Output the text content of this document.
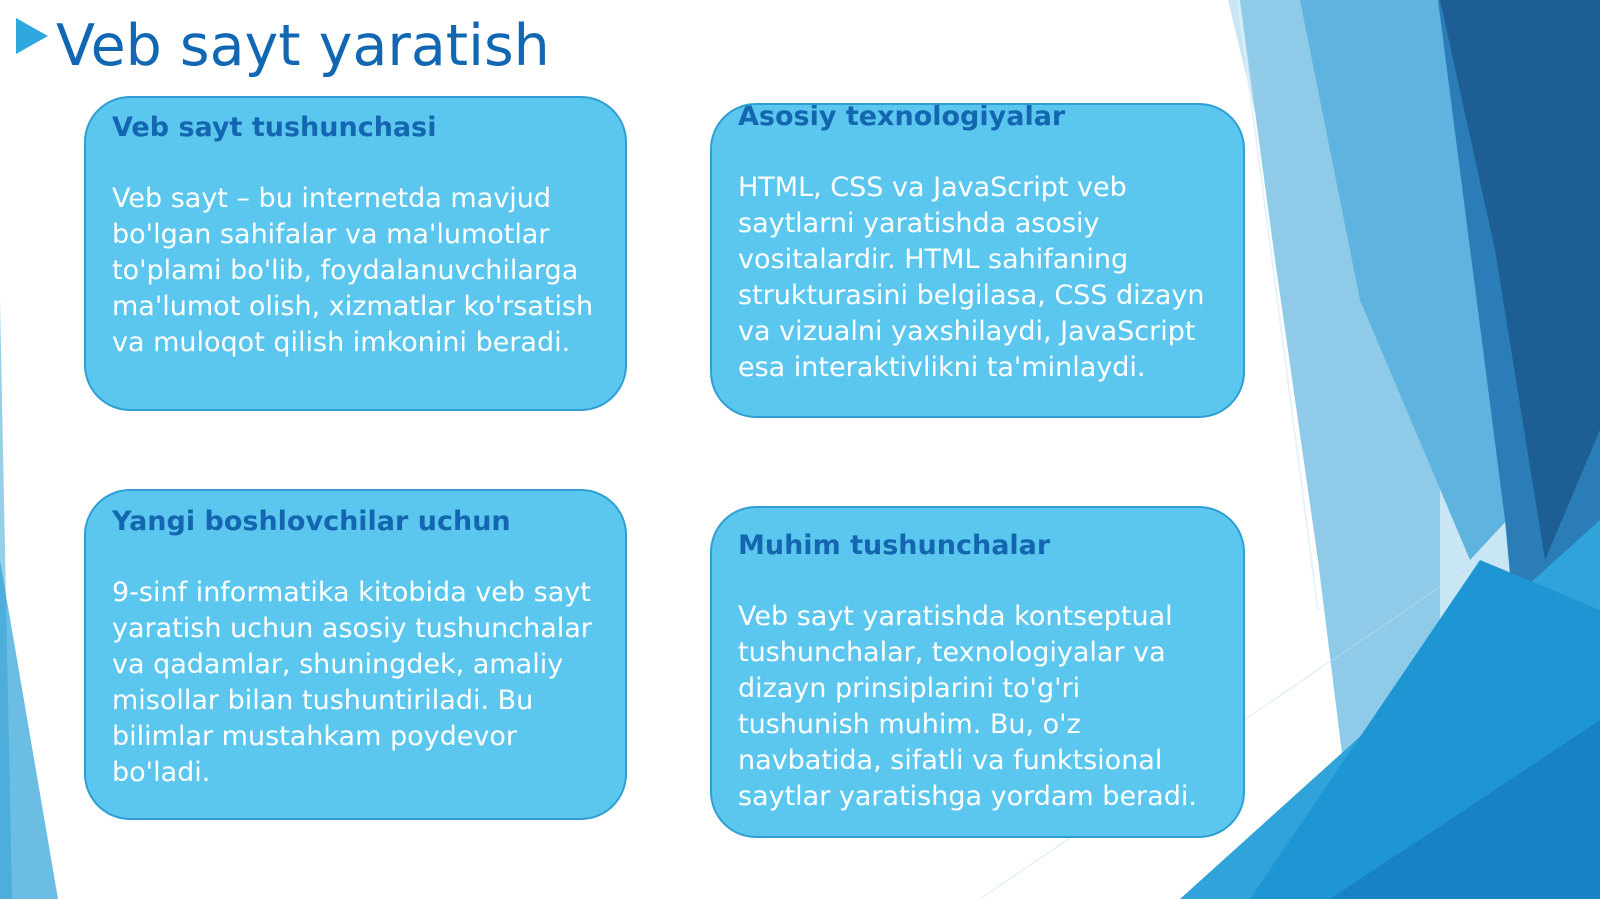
Veb sayt yaratish
Veb sayt tushunchasi

Veb sayt – bu internetda mavjud bo'lgan sahifalar va ma'lumotlar to'plami bo'lib, foydalanuvchilarga ma'lumot olish, xizmatlar ko'rsatish va muloqot qilish imkonini beradi.

Asosiy texnologiyalar

HTML, CSS va JavaScript veb saytlarni yaratishda asosiy vositalardir. HTML sahifaning strukturasini belgilasa, CSS dizayn va vizualni yaxshilaydi, JavaScript esa interaktivlikni ta'minlaydi.

Yangi boshlovchilar uchun

9-sinf informatika kitobida veb sayt yaratish uchun asosiy tushunchalar va qadamlar, shuningdek, amaliy misollar bilan tushuntiriladi. Bu bilimlar mustahkam poydevor bo'ladi.

Muhim tushunchalar

Veb sayt yaratishda kontseptual tushunchalar, texnologiyalar va dizayn prinsiplarini to'g'ri tushunish muhim. Bu, o'z navbatida, sifatli va funktsional saytlar yaratishga yordam beradi.
